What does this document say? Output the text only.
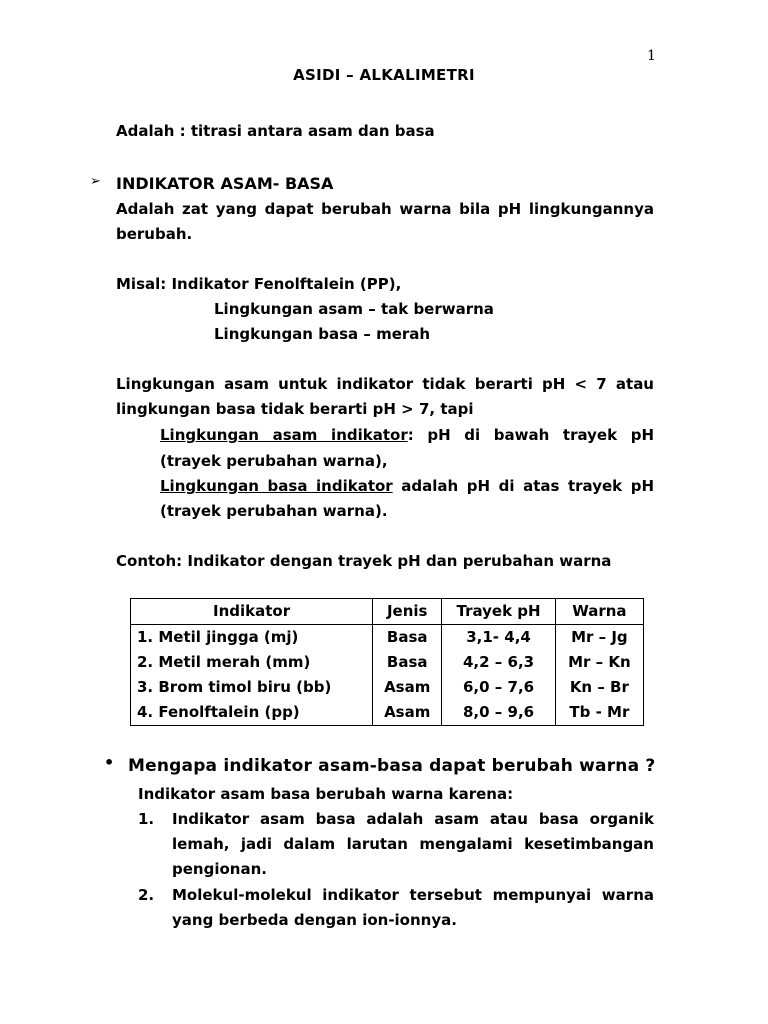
1
ASIDI – ALKALIMETRI
Adalah : titrasi antara asam dan basa
➢ INDIKATOR ASAM- BASA
Adalah zat yang dapat berubah warna bila pH lingkungannya
berubah.
Misal: Indikator Fenolftalein (PP),
Lingkungan asam – tak berwarna
Lingkungan basa – merah
Lingkungan asam untuk indikator tidak berarti pH < 7 atau
lingkungan basa tidak berarti pH > 7, tapi
Lingkungan asam indikator: pH di bawah trayek pH
(trayek perubahan warna),
Lingkungan basa indikator adalah pH di atas trayek pH
(trayek perubahan warna).
Contoh: Indikator dengan trayek pH dan perubahan warna
Indikator	Jenis	Trayek pH	Warna
1. Metil jingga (mj)	Basa	3,1- 4,4	Mr – Jg
2. Metil merah (mm)	Basa	4,2 – 6,3	Mr – Kn
3. Brom timol biru (bb)	Asam	6,0 – 7,6	Kn – Br
4. Fenolftalein (pp)	Asam	8,0 – 9,6	Tb - Mr
• Mengapa indikator asam-basa dapat berubah warna ?
Indikator asam basa berubah warna karena:
1. Indikator asam basa adalah asam atau basa organik
lemah, jadi dalam larutan mengalami kesetimbangan
pengionan.
2. Molekul-molekul indikator tersebut mempunyai warna
yang berbeda dengan ion-ionnya.
